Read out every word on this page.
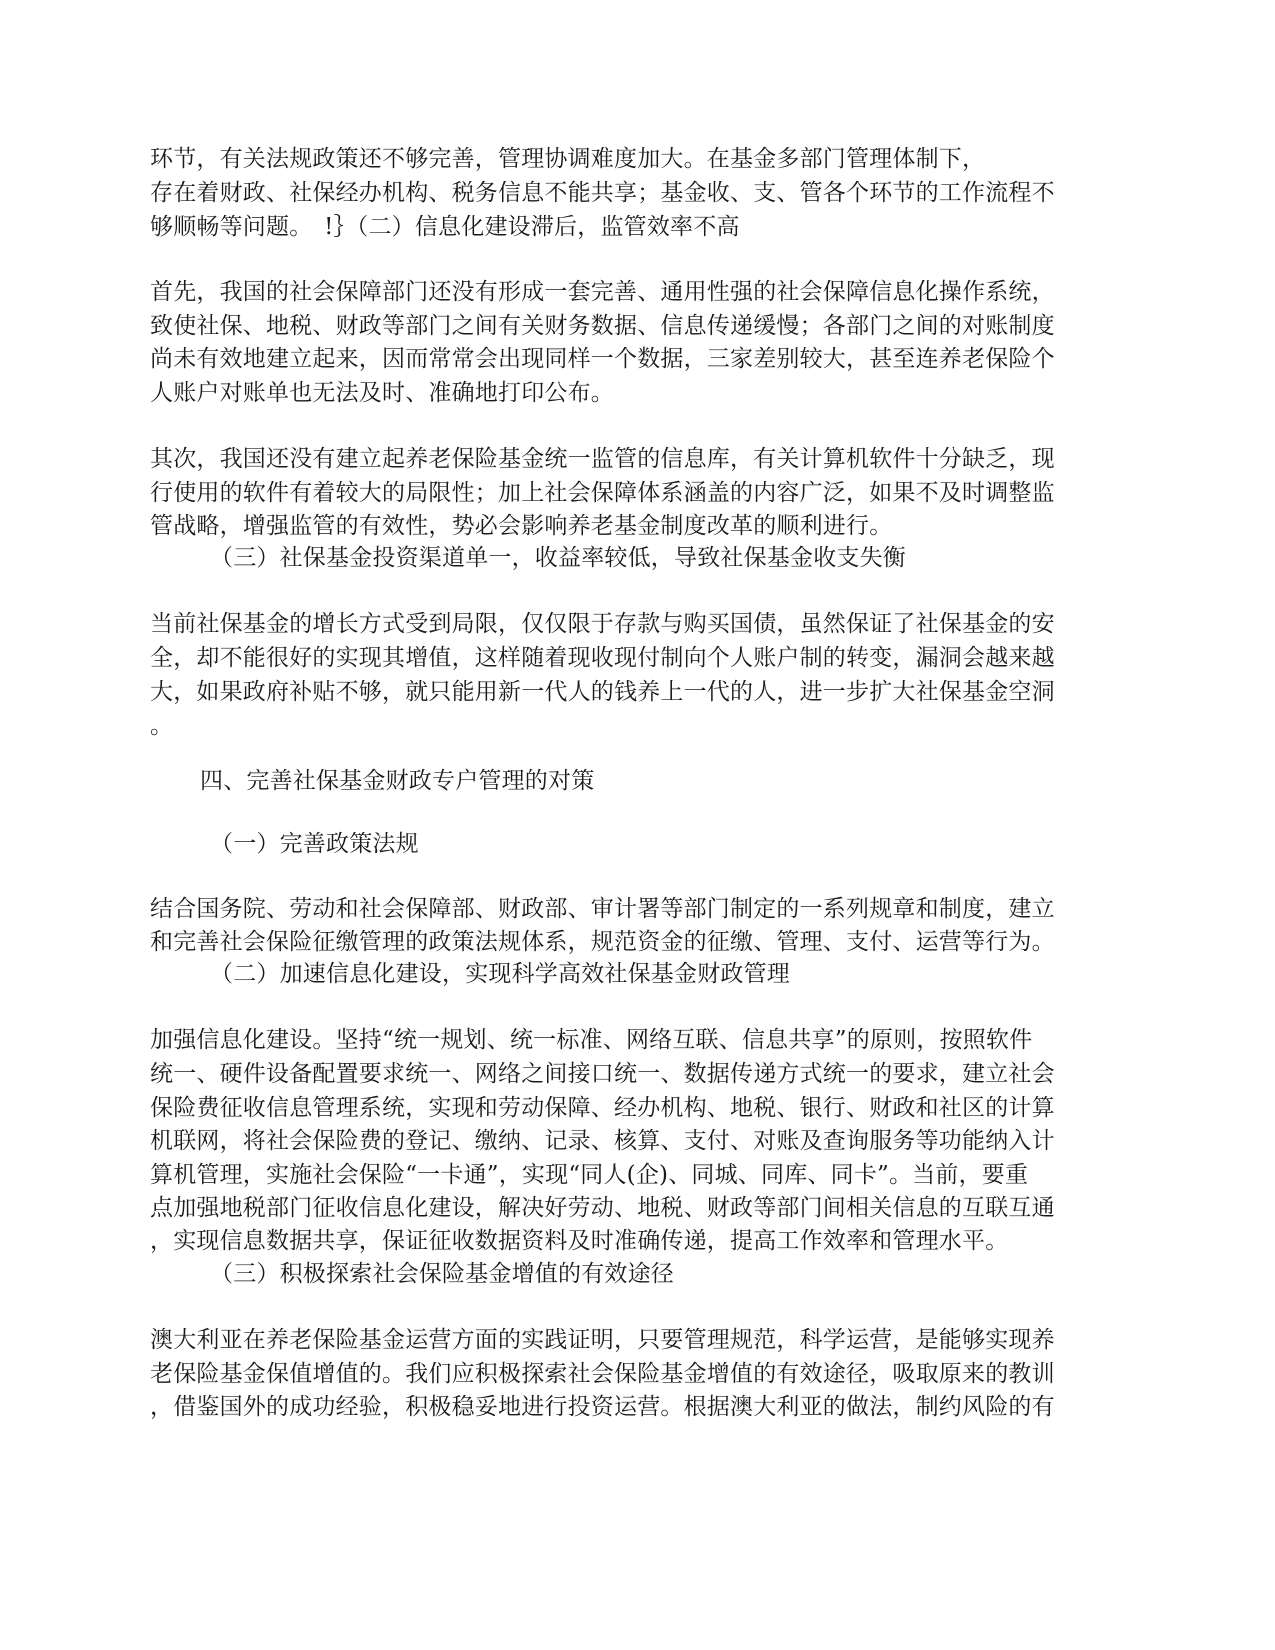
环节，有关法规政策还不够完善，管理协调难度加大。在基金多部门管理体制下，
存在着财政、社保经办机构、税务信息不能共享；基金收、支、管各个环节的工作流程不
够顺畅等问题。　!｝（二）信息化建设滞后，监管效率不高
首先，我国的社会保障部门还没有形成一套完善、通用性强的社会保障信息化操作系统，
致使社保、地税、财政等部门之间有关财务数据、信息传递缓慢；各部门之间的对账制度
尚未有效地建立起来，因而常常会出现同样一个数据，三家差别较大，甚至连养老保险个
人账户对账单也无法及时、准确地打印公布。
其次，我国还没有建立起养老保险基金统一监管的信息库，有关计算机软件十分缺乏，现
行使用的软件有着较大的局限性；加上社会保障体系涵盖的内容广泛，如果不及时调整监
管战略，增强监管的有效性，势必会影响养老基金制度改革的顺利进行。
（三）社保基金投资渠道单一，收益率较低，导致社保基金收支失衡
当前社保基金的增长方式受到局限，仅仅限于存款与购买国债，虽然保证了社保基金的安
全，却不能很好的实现其增值，这样随着现收现付制向个人账户制的转变，漏洞会越来越
大，如果政府补贴不够，就只能用新一代人的钱养上一代的人，进一步扩大社保基金空洞
。
四、完善社保基金财政专户管理的对策
（一）完善政策法规
结合国务院、劳动和社会保障部、财政部、审计署等部门制定的一系列规章和制度，建立
和完善社会保险征缴管理的政策法规体系，规范资金的征缴、管理、支付、运营等行为。
（二）加速信息化建设，实现科学高效社保基金财政管理
加强信息化建设。坚持“统一规划、统一标准、网络互联、信息共享”的原则，按照软件
统一、硬件设备配置要求统一、网络之间接口统一、数据传递方式统一的要求，建立社会
保险费征收信息管理系统，实现和劳动保障、经办机构、地税、银行、财政和社区的计算
机联网，将社会保险费的登记、缴纳、记录、核算、支付、对账及查询服务等功能纳入计
算机管理，实施社会保险“一卡通”，实现“同人(企)、同城、同库、同卡”。当前，要重
点加强地税部门征收信息化建设，解决好劳动、地税、财政等部门间相关信息的互联互通
，实现信息数据共享，保证征收数据资料及时准确传递，提高工作效率和管理水平。
（三）积极探索社会保险基金增值的有效途径
澳大利亚在养老保险基金运营方面的实践证明，只要管理规范，科学运营，是能够实现养
老保险基金保值增值的。我们应积极探索社会保险基金增值的有效途径，吸取原来的教训
，借鉴国外的成功经验，积极稳妥地进行投资运营。根据澳大利亚的做法，制约风险的有
